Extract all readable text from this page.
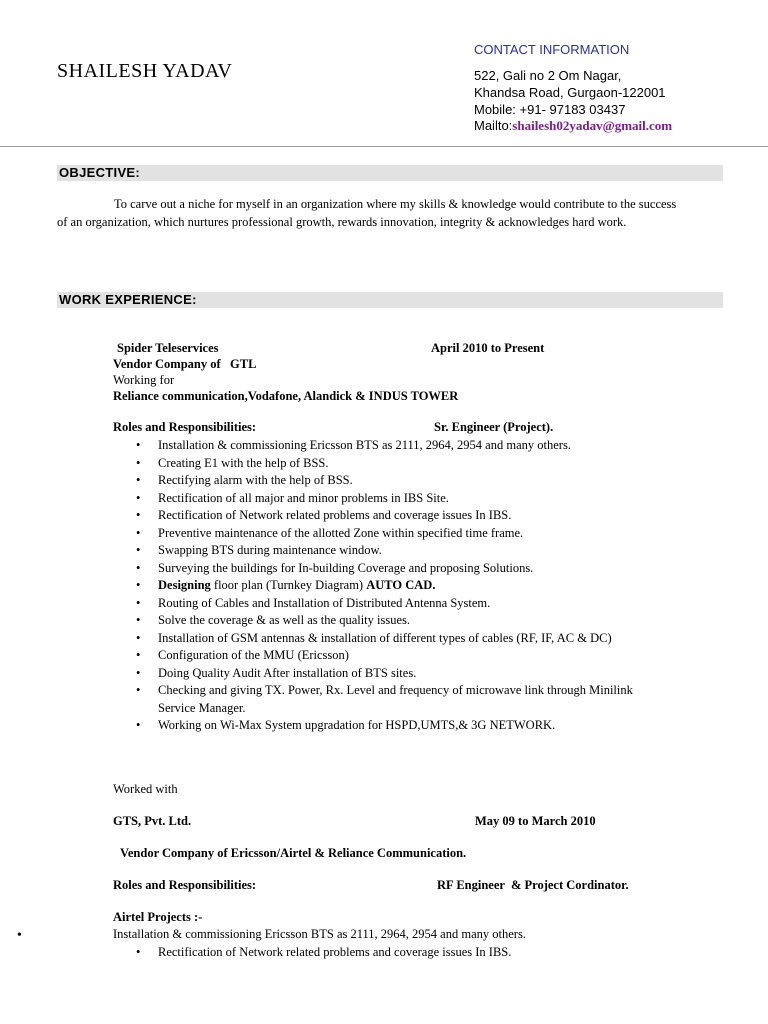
SHAILESH YADAV
CONTACT INFORMATION
522, Gali no 2 Om Nagar,
Khandsa Road, Gurgaon-122001
Mobile: +91- 97183 03437
Mailto:shailesh02yadav@gmail.com
OBJECTIVE:
To carve out a niche for myself in an organization where my skills & knowledge would contribute to the success of an organization, which nurtures professional growth, rewards innovation, integrity & acknowledges hard work.
WORK EXPERIENCE:
Spider Teleservices	April 2010 to Present
Vendor Company of   GTL
Working for
Reliance communication,Vodafone, Alandick & INDUS TOWER
Roles and Responsibilities:	Sr. Engineer (Project).
• Installation & commissioning Ericsson BTS as 2111, 2964, 2954 and many others.
• Creating E1 with the help of BSS.
• Rectifying alarm with the help of BSS.
• Rectification of all major and minor problems in IBS Site.
• Rectification of Network related problems and coverage issues In IBS.
• Preventive maintenance of the allotted Zone within specified time frame.
• Swapping BTS during maintenance window.
• Surveying the buildings for In-building Coverage and proposing Solutions.
• Designing floor plan (Turnkey Diagram) AUTO CAD.
• Routing of Cables and Installation of Distributed Antenna System.
• Solve the coverage & as well as the quality issues.
• Installation of GSM antennas & installation of different types of cables (RF, IF, AC & DC)
• Configuration of the MMU (Ericsson)
• Doing Quality Audit After installation of BTS sites.
• Checking and giving TX. Power, Rx. Level and frequency of microwave link through Minilink Service Manager.
• Working on Wi-Max System upgradation for HSPD,UMTS,& 3G NETWORK.
Worked with
GTS, Pvt. Ltd.	May 09 to March 2010
Vendor Company of Ericsson/Airtel & Reliance Communication.
Roles and Responsibilities:	RF Engineer  & Project Cordinator.
Airtel Projects :-
•	Installation & commissioning Ericsson BTS as 2111, 2964, 2954 and many others.
• Rectification of Network related problems and coverage issues In IBS.
